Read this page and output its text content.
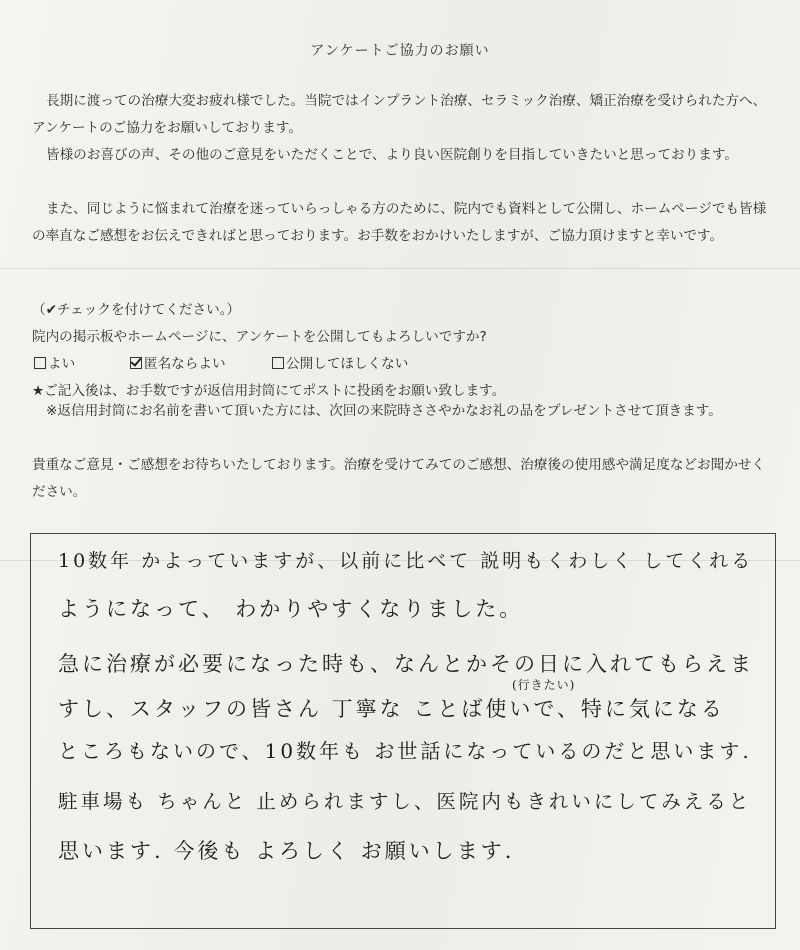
アンケートご協力のお願い
長期に渡っての治療大変お疲れ様でした。当院ではインプラント治療、セラミック治療、矯正治療を受けられた方へ、アンケートのご協力をお願いしております。
皆様のお喜びの声、その他のご意見をいただくことで、より良い医院創りを目指していきたいと思っております。
また、同じように悩まれて治療を迷っていらっしゃる方のために、院内でも資料として公開し、ホームページでも皆様の率直なご感想をお伝えできればと思っております。お手数をおかけいたしますが、ご協力頂けますと幸いです。
（✔チェックを付けてください。）
院内の掲示板やホームページに、アンケートを公開してもよろしいですか?
よい	匿名ならよい	公開してほしくない
★ご記入後は、お手数ですが返信用封筒にてポストに投函をお願い致します。
※返信用封筒にお名前を書いて頂いた方には、次回の来院時ささやかなお礼の品をプレゼントさせて頂きます。
貴重なご意見・ご感想をお待ちいたしております。治療を受けてみてのご感想、治療後の使用感や満足度などお聞かせください。
10数年 かよっていますが、以前に比べて 説明もくわしく してくれる
ようになって、 わかりやすくなりました。
急に治療が必要になった時も、なんとかその日に入れてもらえま
(行きたい)
すし、スタッフの皆さん 丁寧な ことば使いで、特に気になる
ところもないので、10数年も お世話になっているのだと思います.
駐車場も ちゃんと 止められますし、医院内もきれいにしてみえると
思います. 今後も よろしく お願いします.
